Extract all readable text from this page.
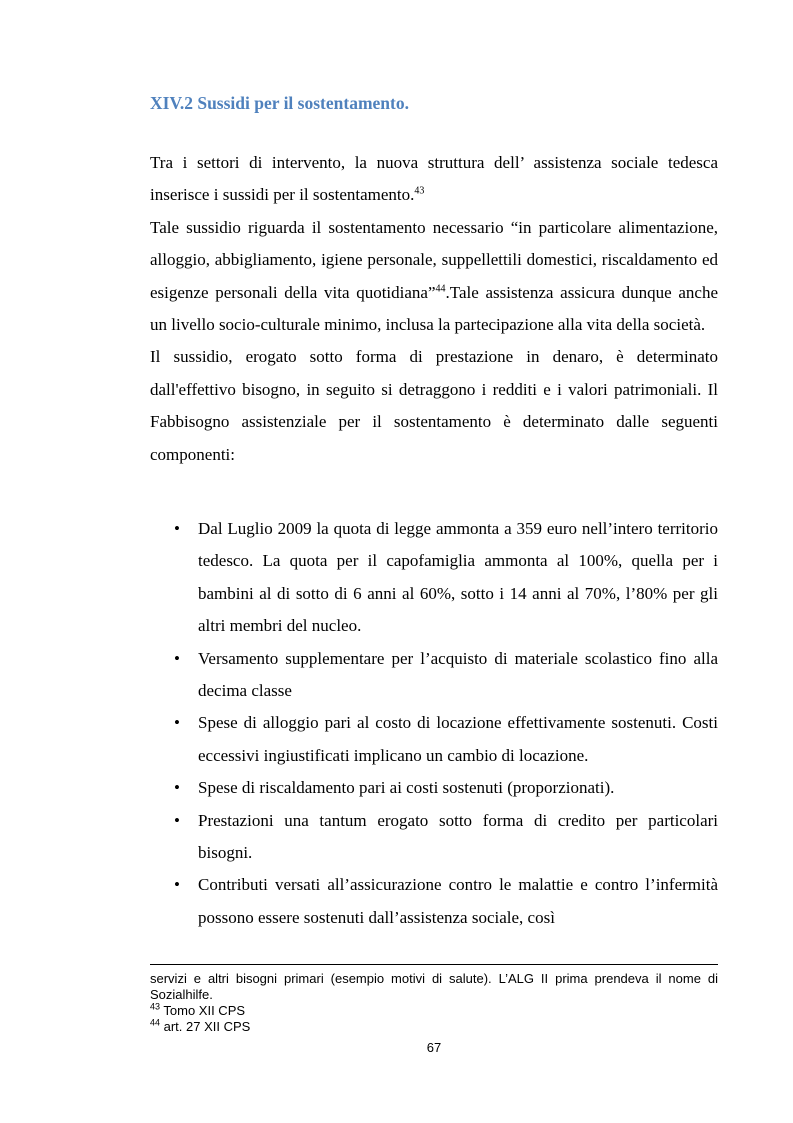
XIV.2 Sussidi per il sostentamento.

Tra i settori di intervento, la nuova struttura dell’ assistenza sociale tedesca inserisce i sussidi per il sostentamento.$^{43}$

Tale sussidio riguarda il sostentamento necessario “in particolare alimentazione, alloggio, abbigliamento, igiene personale, suppellettili domestici, riscaldamento ed esigenze personali della vita quotidiana”$^{44}$.Tale assistenza assicura dunque anche un livello socio-culturale minimo, inclusa la partecipazione alla vita della società.

Il sussidio, erogato sotto forma di prestazione in denaro, è determinato dall'effettivo bisogno, in seguito si detraggono i redditi e i valori patrimoniali. Il Fabbisogno assistenziale per il sostentamento è determinato dalle seguenti componenti:

• Dal Luglio 2009 la quota di legge ammonta a 359 euro nell’intero territorio tedesco. La quota per il capofamiglia ammonta al 100%, quella per i bambini al di sotto di 6 anni al 60%, sotto i 14 anni al 70%, l’80% per gli altri membri del nucleo.
• Versamento supplementare per l’acquisto di materiale scolastico fino alla decima classe
• Spese di alloggio pari al costo di locazione effettivamente sostenuti. Costi eccessivi ingiustificati implicano un cambio di locazione.
• Spese di riscaldamento pari ai costi sostenuti (proporzionati).
• Prestazioni una tantum erogato sotto forma di credito per particolari bisogni.
• Contributi versati all’assicurazione contro le malattie e contro l’infermità possono essere sostenuti dall’assistenza sociale, così

servizi e altri bisogni primari (esempio motivi di salute). L’ALG II prima prendeva il nome di Sozialhilfe.

$^{43}$ Tomo XII CPS

$^{44}$ art. 27 XII CPS

67
